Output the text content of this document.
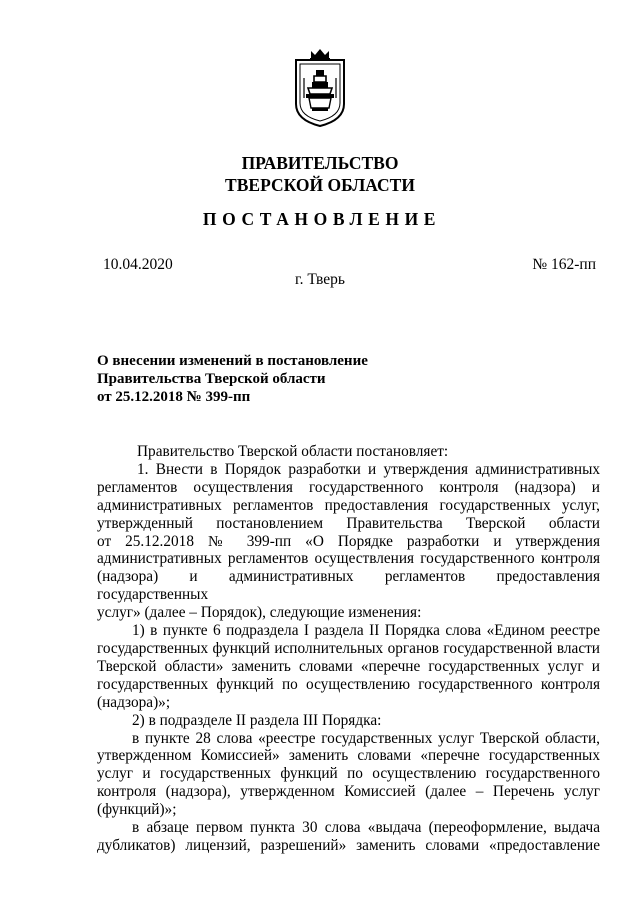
ПРАВИТЕЛЬСТВО
ТВЕРСКОЙ ОБЛАСТИ
ПОСТАНОВЛЕНИЕ
10.04.2020	№ 162-пп
г. Тверь
О внесении изменений в постановление
Правительства Тверской области
от 25.12.2018 № 399-пп

Правительство Тверской области постановляет:

1. Внести в Порядок разработки и утверждения административных

регламентов осуществления государственного контроля (надзора) и

административных регламентов предоставления государственных услуг,

утвержденный постановлением Правительства Тверской области

от 25.12.2018 № 399-пп «О Порядке разработки и утверждения

административных регламентов осуществления государственного контроля

(надзора) и административных регламентов предоставления государственных

услуг» (далее – Порядок), следующие изменения:

1) в пункте 6 подраздела I раздела II Порядка слова «Едином реестре

государственных функций исполнительных органов государственной власти

Тверской области» заменить словами «перечне государственных услуг и

государственных функций по осуществлению государственного контроля

(надзора)»;

2) в подразделе II раздела III Порядка:

в пункте 28 слова «реестре государственных услуг Тверской области,

утвержденном Комиссией» заменить словами «перечне государственных

услуг и государственных функций по осуществлению государственного

контроля (надзора), утвержденном Комиссией (далее – Перечень услуг

(функций)»;

в абзаце первом пункта 30 слова «выдача (переоформление, выдача

дубликатов) лицензий, разрешений» заменить словами «предоставление
